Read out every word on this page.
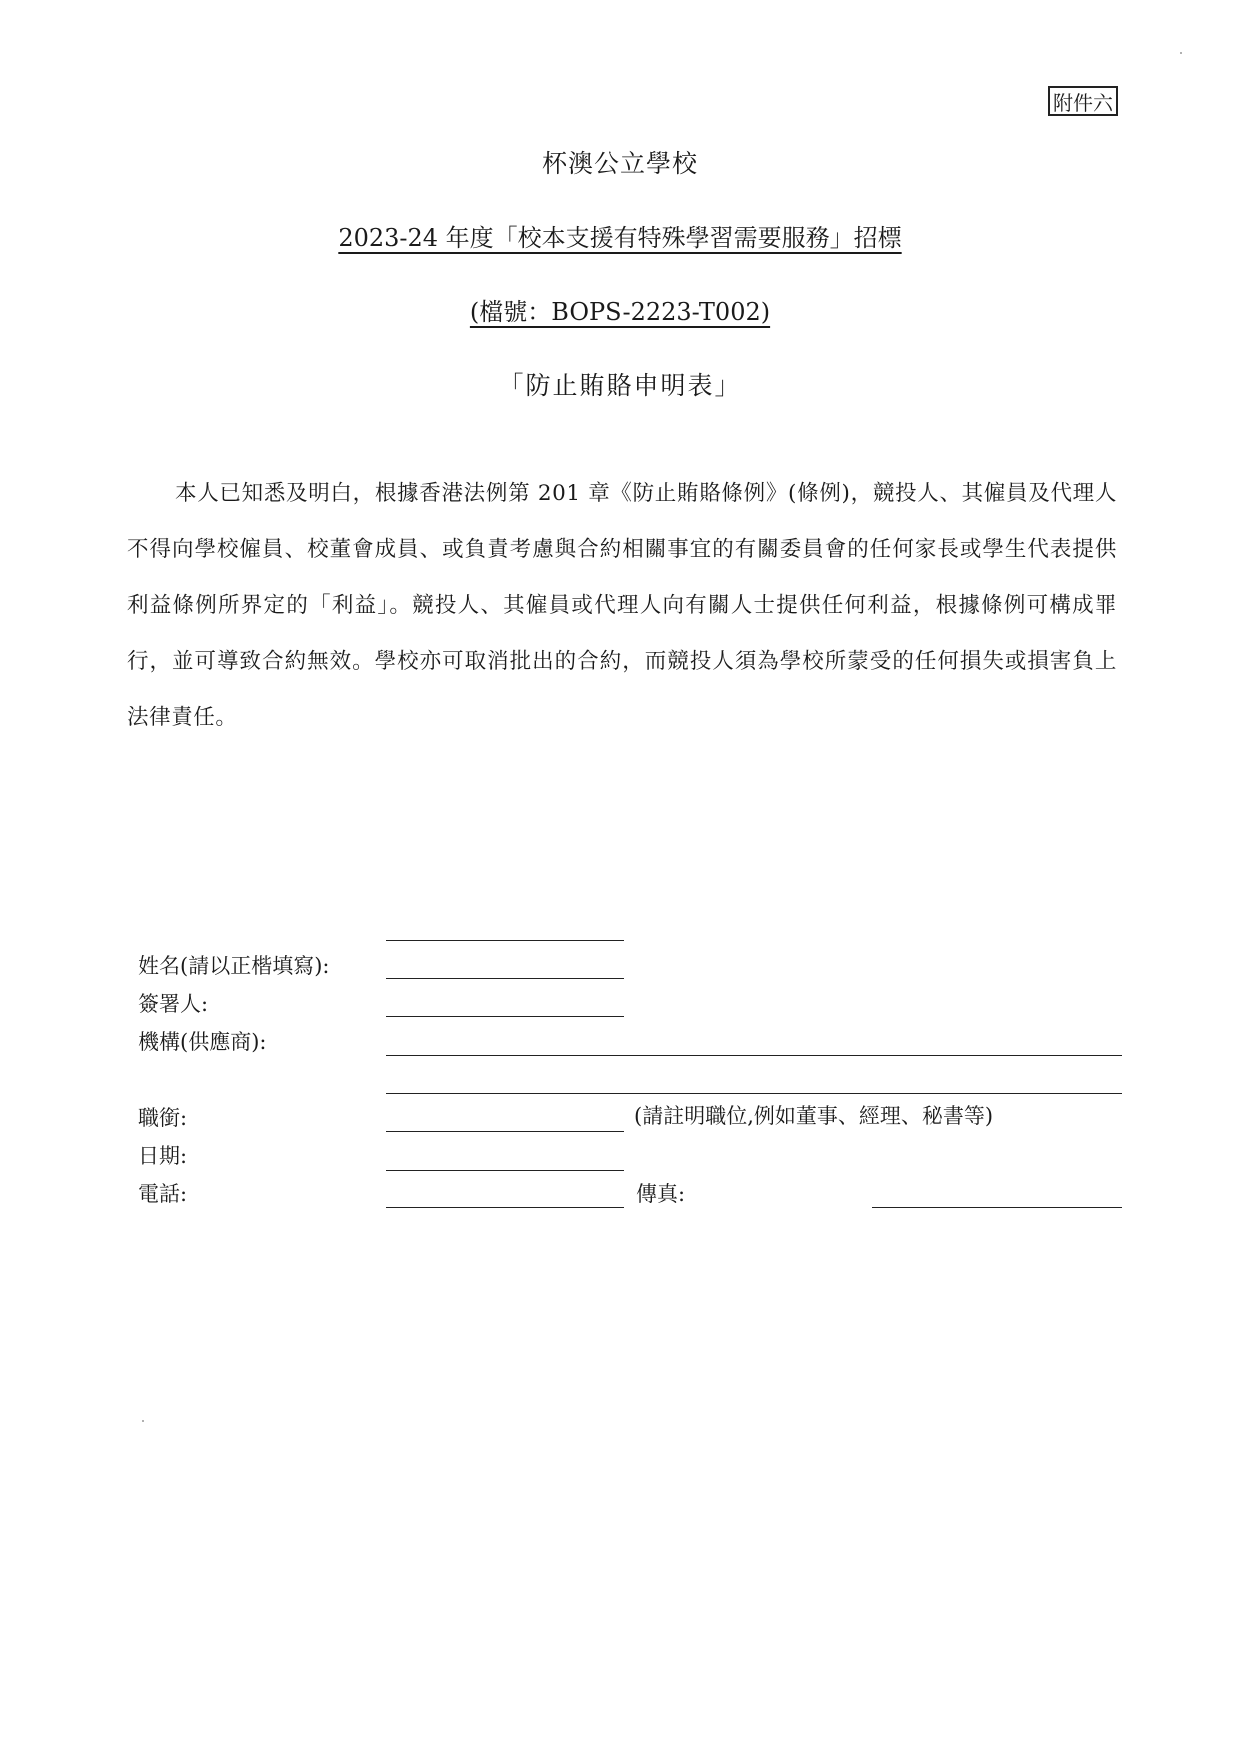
附件六
杯澳公立學校
2023-24 年度「校本支援有特殊學習需要服務」招標
(檔號：BOPS-2223-T002)
「防止賄賂申明表」

本人已知悉及明白，根據香港法例第 201 章《防止賄賂條例》(條例)，競投人、其僱員及代理人不得向學校僱員、校董會成員、或負責考慮與合約相關事宜的有關委員會的任何家長或學生代表提供利益條例所界定的「利益」。競投人、其僱員或代理人向有關人士提供任何利益，根據條例可構成罪行，並可導致合約無效。學校亦可取消批出的合約，而競投人須為學校所蒙受的任何損失或損害負上法律責任。

姓名(請以正楷填寫):
簽署人:
機構(供應商):
職銜:	(請註明職位,例如董事、經理、秘書等)
日期:
電話:	傳真:
